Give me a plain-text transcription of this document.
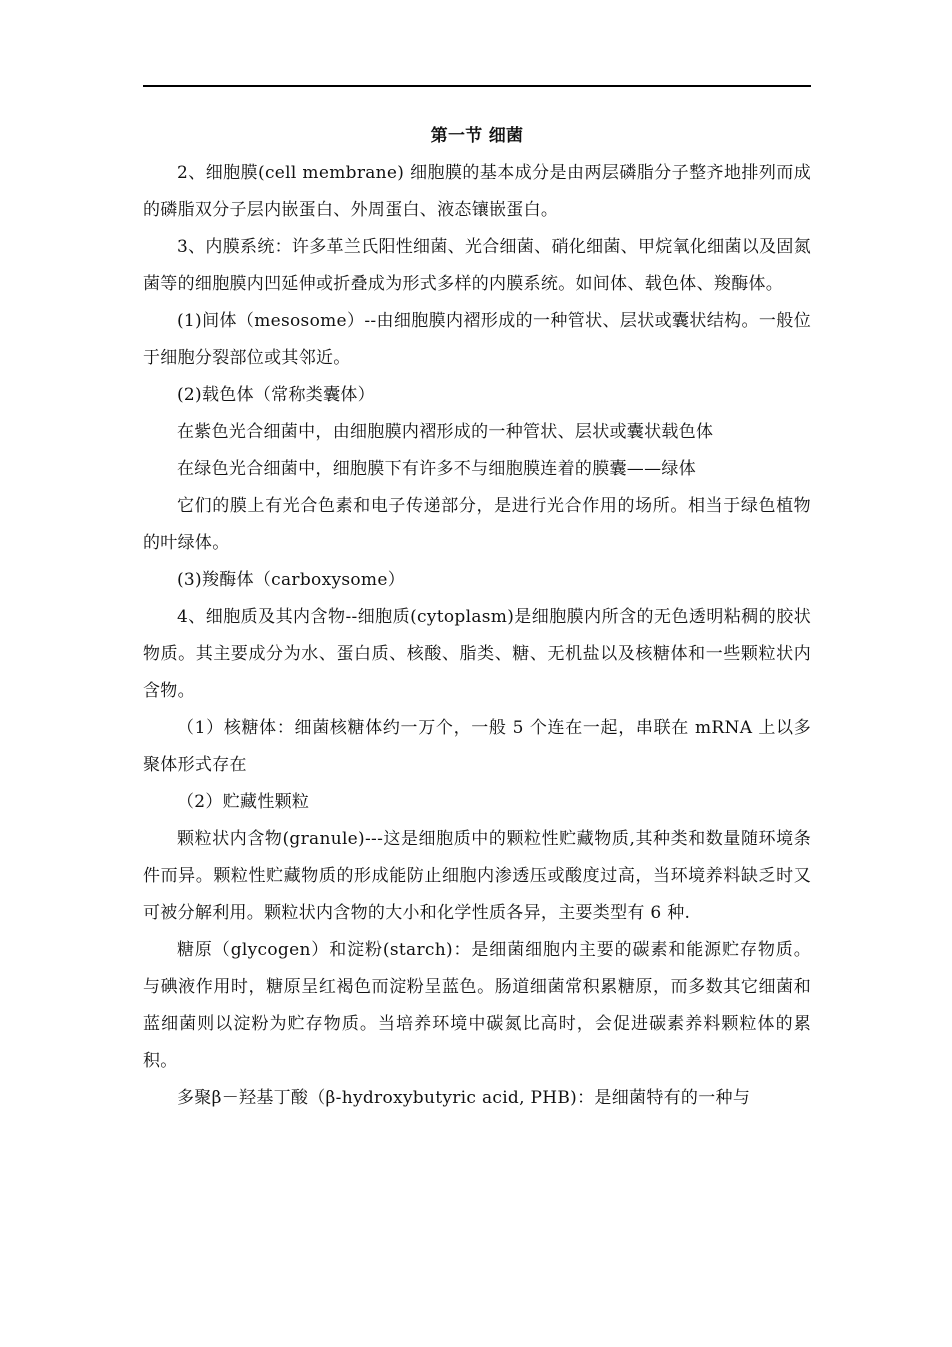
第一节 细菌

2、细胞膜(cell membrane) 细胞膜的基本成分是由两层磷脂分子整齐地排列而成的磷脂双分子层内嵌蛋白、外周蛋白、液态镶嵌蛋白。

3、内膜系统：许多革兰氏阳性细菌、光合细菌、硝化细菌、甲烷氧化细菌以及固氮菌等的细胞膜内凹延伸或折叠成为形式多样的内膜系统。如间体、载色体、羧酶体。

(1)间体（mesosome）--由细胞膜内褶形成的一种管状、层状或囊状结构。一般位于细胞分裂部位或其邻近。

(2)载色体（常称类囊体）

在紫色光合细菌中，由细胞膜内褶形成的一种管状、层状或囊状载色体

在绿色光合细菌中，细胞膜下有许多不与细胞膜连着的膜囊——绿体

它们的膜上有光合色素和电子传递部分，是进行光合作用的场所。相当于绿色植物的叶绿体。

(3)羧酶体（carboxysome）

4、细胞质及其内含物--细胞质(cytoplasm)是细胞膜内所含的无色透明粘稠的胶状物质。其主要成分为水、蛋白质、核酸、脂类、糖、无机盐以及核糖体和一些颗粒状内含物。

（1）核糖体：细菌核糖体约一万个，一般 5 个连在一起，串联在 mRNA 上以多聚体形式存在

（2）贮藏性颗粒

颗粒状内含物(granule)---这是细胞质中的颗粒性贮藏物质,其种类和数量随环境条件而异。颗粒性贮藏物质的形成能防止细胞内渗透压或酸度过高，当环境养料缺乏时又可被分解利用。颗粒状内含物的大小和化学性质各异，主要类型有 6 种.

糖原（glycogen）和淀粉(starch)：是细菌细胞内主要的碳素和能源贮存物质。与碘液作用时，糖原呈红褐色而淀粉呈蓝色。肠道细菌常积累糖原，而多数其它细菌和蓝细菌则以淀粉为贮存物质。当培养环境中碳氮比高时，会促进碳素养料颗粒体的累积。

多聚β－羟基丁酸（β-hydroxybutyric acid, PHB)：是细菌特有的一种与
